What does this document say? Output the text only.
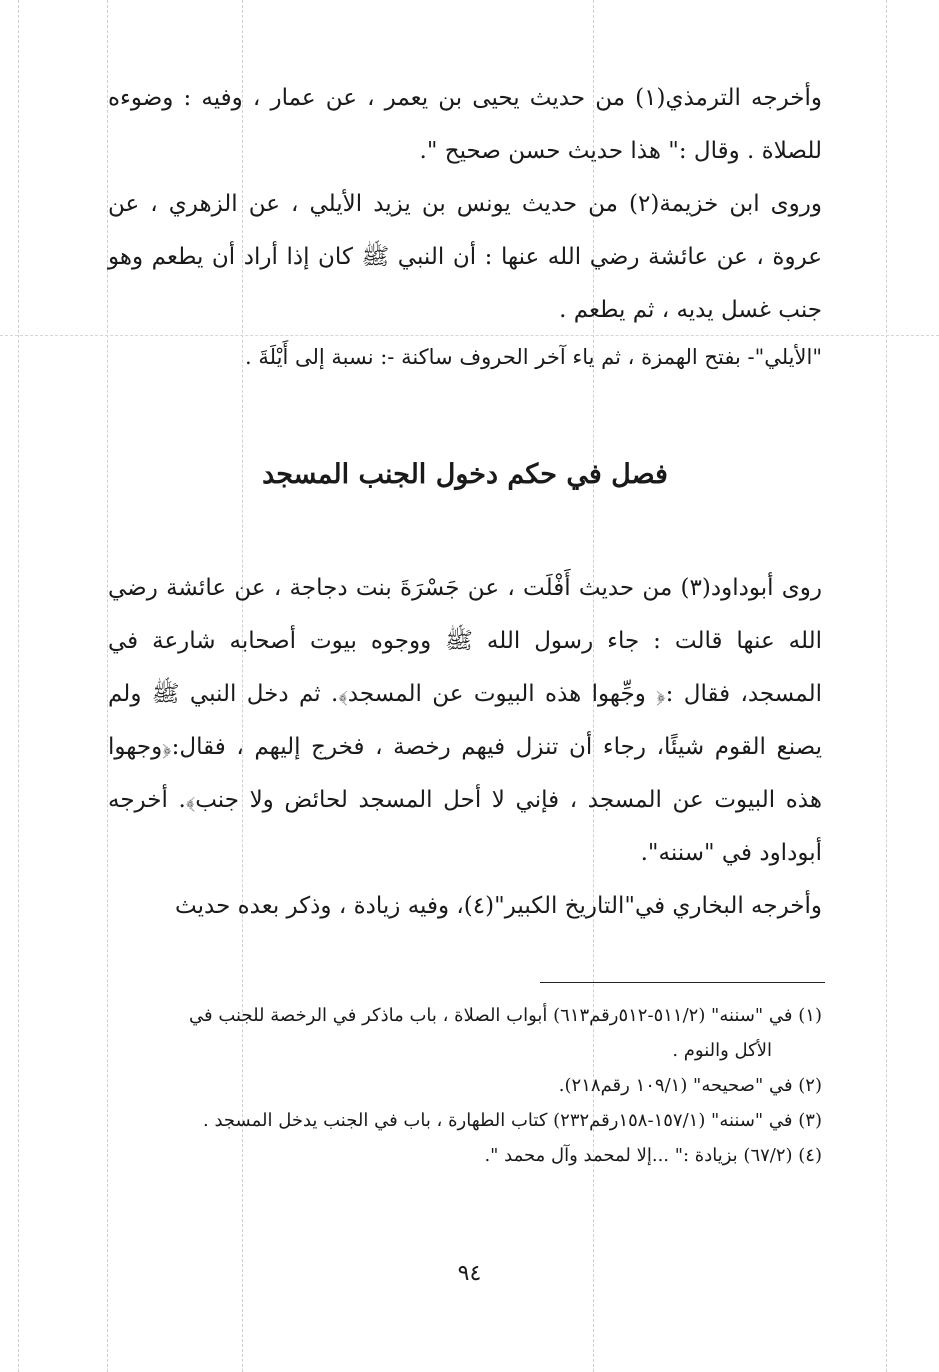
وأخرجه الترمذي(١) من حديث يحيى بن يعمر ، عن عمار ، وفيه : وضوءه للصلاة . وقال :" هذا حديث حسن صحيح ".

وروى ابن خزيمة(٢) من حديث يونس بن يزيد الأيلي ، عن الزهري ، عن عروة ، عن عائشة رضي الله عنها : أن النبي ﷺ كان إذا أراد أن يطعم وهو جنب غسل يديه ، ثم يطعم .

"الأيلي"- بفتح الهمزة ، ثم ياء آخر الحروف ساكنة -: نسبة إلى أَيْلَةَ .

فصل في حكم دخول الجنب المسجد

روى أبوداود(٣) من حديث أَفْلَت ، عن جَسْرَةَ بنت دجاجة ، عن عائشة رضي الله عنها قالت : جاء رسول الله ﷺ ووجوه بيوت أصحابه شارعة في المسجد، فقال :﴿ وجِّهوا هذه البيوت عن المسجد﴾. ثم دخل النبي ﷺ ولم يصنع القوم شيئًا، رجاء أن تنزل فيهم رخصة ، فخرج إليهم ، فقال:﴿وجهوا هذه البيوت عن المسجد ، فإني لا أحل المسجد لحائض ولا جنب﴾. أخرجه أبوداود في "سننه".

وأخرجه البخاري في"التاريخ الكبير"(٤)، وفيه زيادة ، وذكر بعده حديث

(١) في "سننه" (٥١١/٢-٥١٢رقم٦١٣) أبواب الصلاة ، باب ماذكر في الرخصة للجنب في

الأكل والنوم .

(٢) في "صحيحه" (١٠٩/١ رقم٢١٨).

(٣) في "سننه" (١٥٧/١-١٥٨رقم٢٣٢) كتاب الطهارة ، باب في الجنب يدخل المسجد .

(٤) (٦٧/٢) بزيادة :" ...إلا لمحمد وآل محمد ".

٩٤
